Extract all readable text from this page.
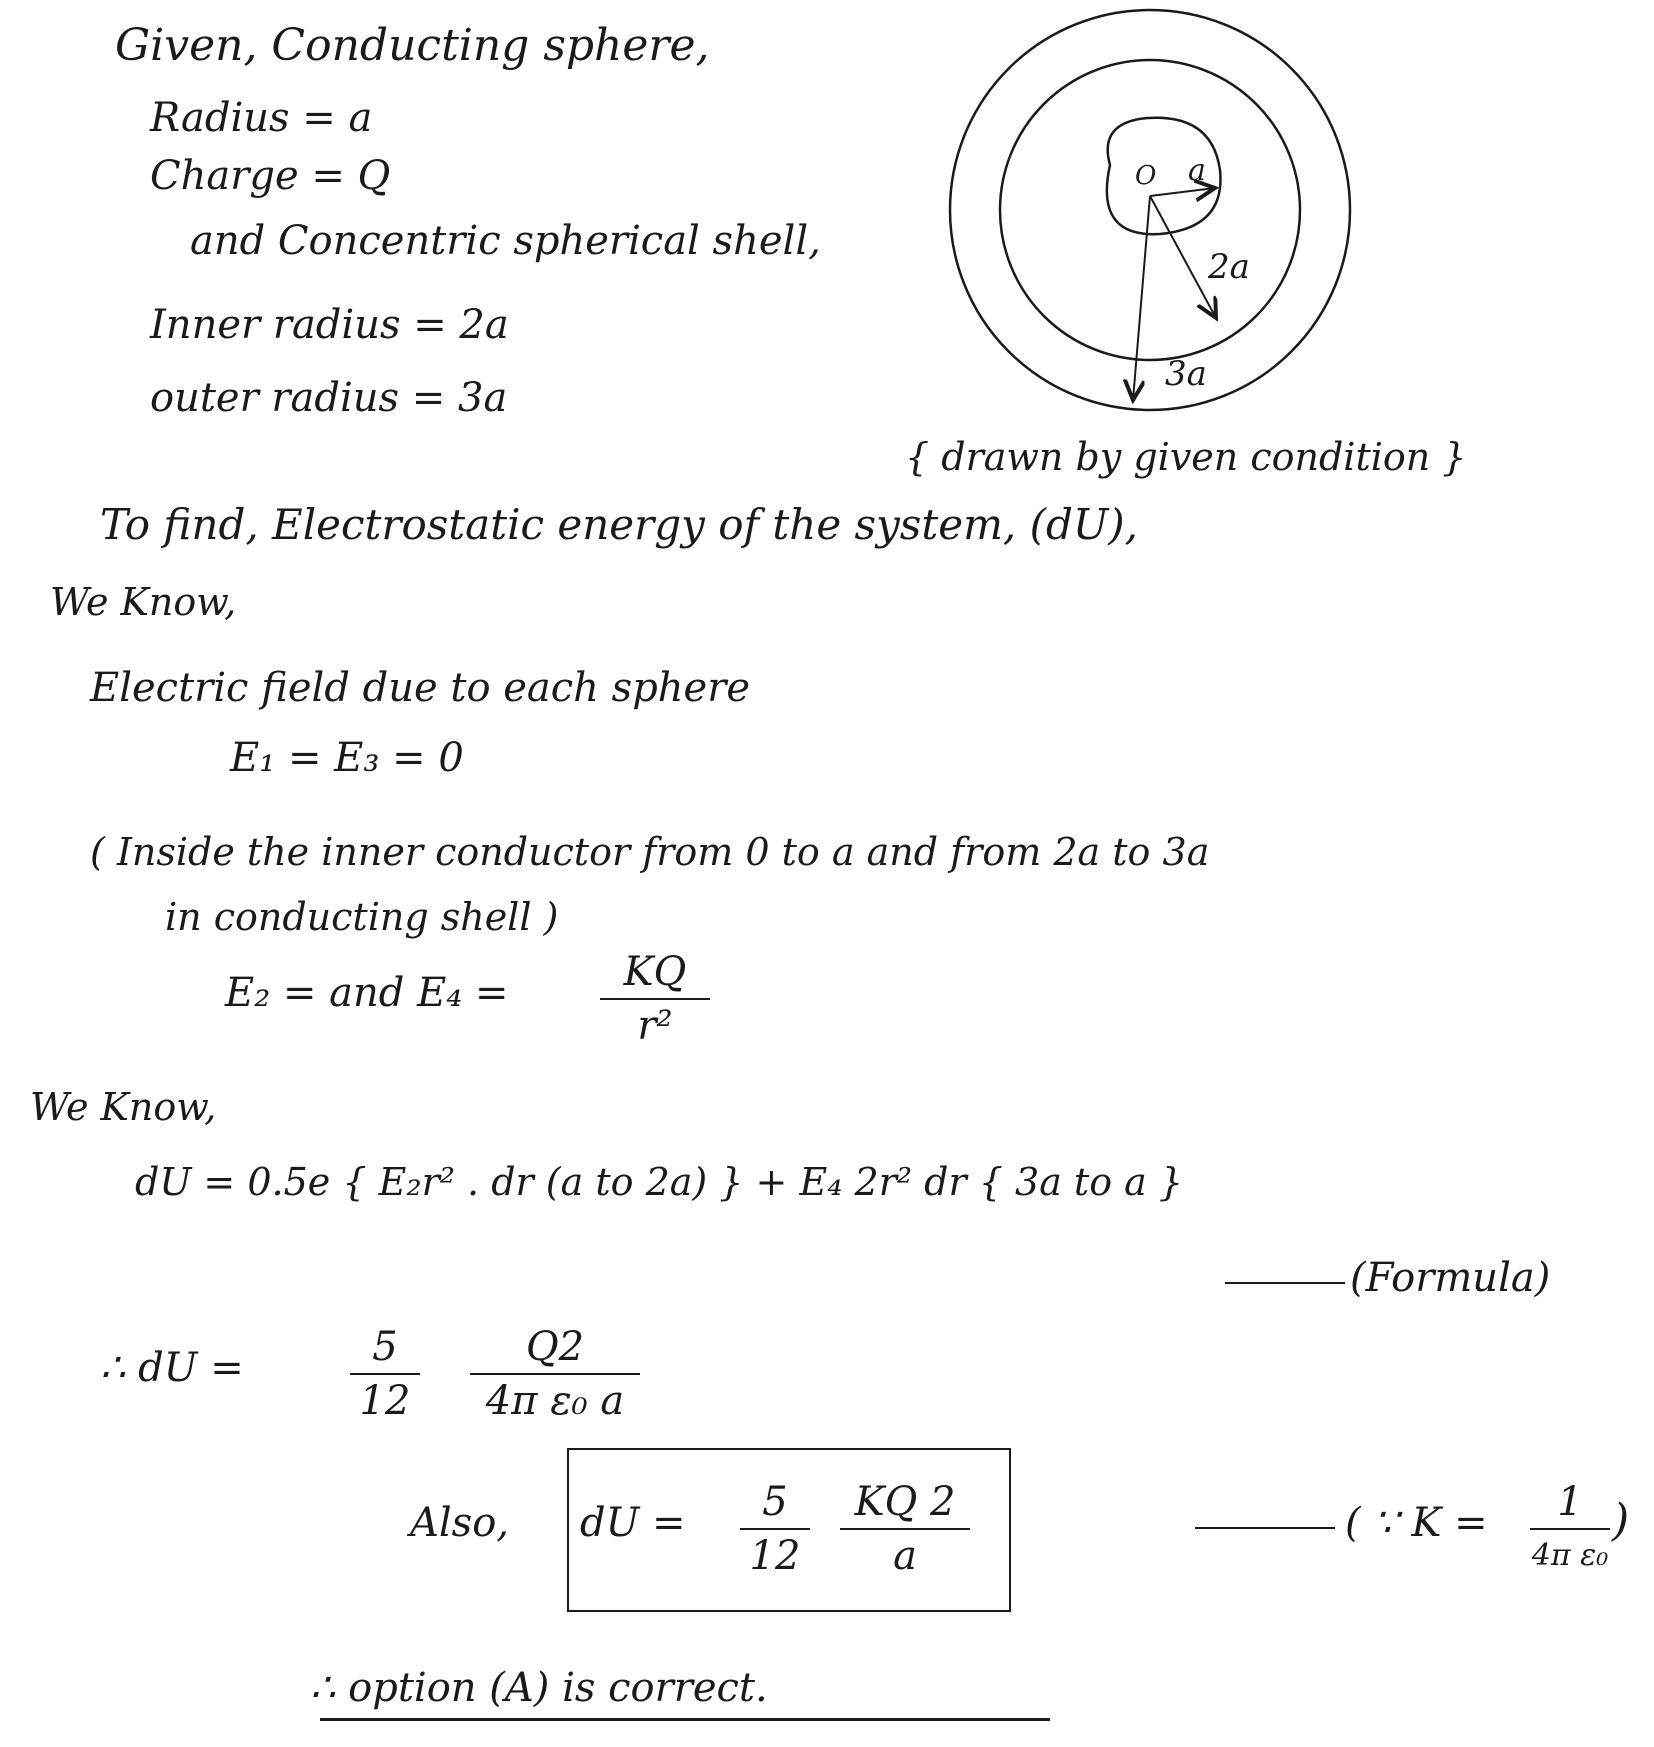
Given, Conducting sphere,
Radius = a
Charge = Q
and Concentric spherical shell,
Inner radius = 2a
outer radius = 3a
O a
2a
3a
{ drawn by given condition }
To find, Electrostatic energy of the system, (dU),
We Know,
Electric field due to each sphere
E₁ = E₃ = 0
( Inside the inner conductor from 0 to a and from 2a to 3a
in conducting shell )
E₂ = and E₄ =	KQ
r²
We Know,
dU = 0.5e { E₂r² . dr (a to 2a) } + E₄ 2r² dr { 3a to a }
(Formula)
∴ dU =	5
12
Q2
4π ε₀ a
Also, dU =	5
12
KQ 2
a
( ∵ K =	1
4π ε₀
)
∴ option (A) is correct.
